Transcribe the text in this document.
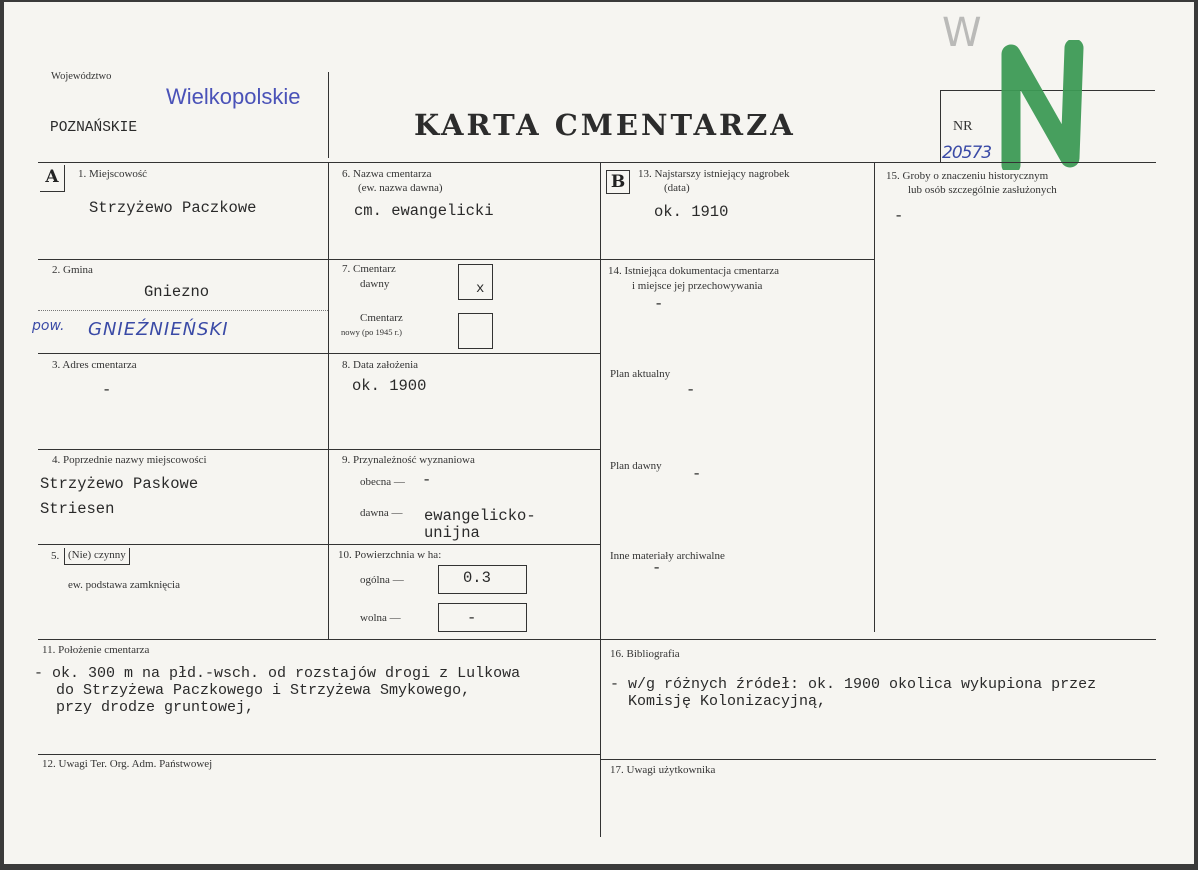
Województwo
Wielkopolskie
POZNAŃSKIE	KARTA CMENTARZA	NR
20573
W
N
A	1. Miejscowość
Strzyżewo Paczkowe
2. Gmina
Gniezno
pow. GNIEŹNIEŃSKI
3. Adres cmentarza
-
4. Poprzednie nazwy miejscowości
Strzyżewo Paskowe
Striesen
5. (Nie) czynny
ew. podstawa zamknięcia
6. Nazwa cmentarza
(ew. nazwa dawna)
cm. ewangelicki
7. Cmentarz
dawny	x
Cmentarz
nowy (po 1945 r.)
8. Data założenia
ok. 1900
9. Przynależność wyznaniowa
obecna — -
dawna — ewangelicko-
unijna
10. Powierzchnia w ha:
ogólna —	0.3
wolna —	-
B	13. Najstarszy istniejący nagrobek
(data)
ok. 1910
14. Istniejąca dokumentacja cmentarza
i miejsce jej przechowywania
-
Plan aktualny
-
Plan dawny -
Inne materiały archiwalne
-
15. Groby o znaczeniu historycznym
lub osób szczególnie zasłużonych
-
11. Położenie cmentarza
- ok. 300 m na płd.-wsch. od rozstajów drogi z Lulkowa
do Strzyżewa Paczkowego i Strzyżewa Smykowego,
przy drodze gruntowej,
12. Uwagi Ter. Org. Adm. Państwowej
16. Bibliografia
- w/g różnych źródeł: ok. 1900 okolica wykupiona przez
Komisję Kolonizacyjną,
17. Uwagi użytkownika
